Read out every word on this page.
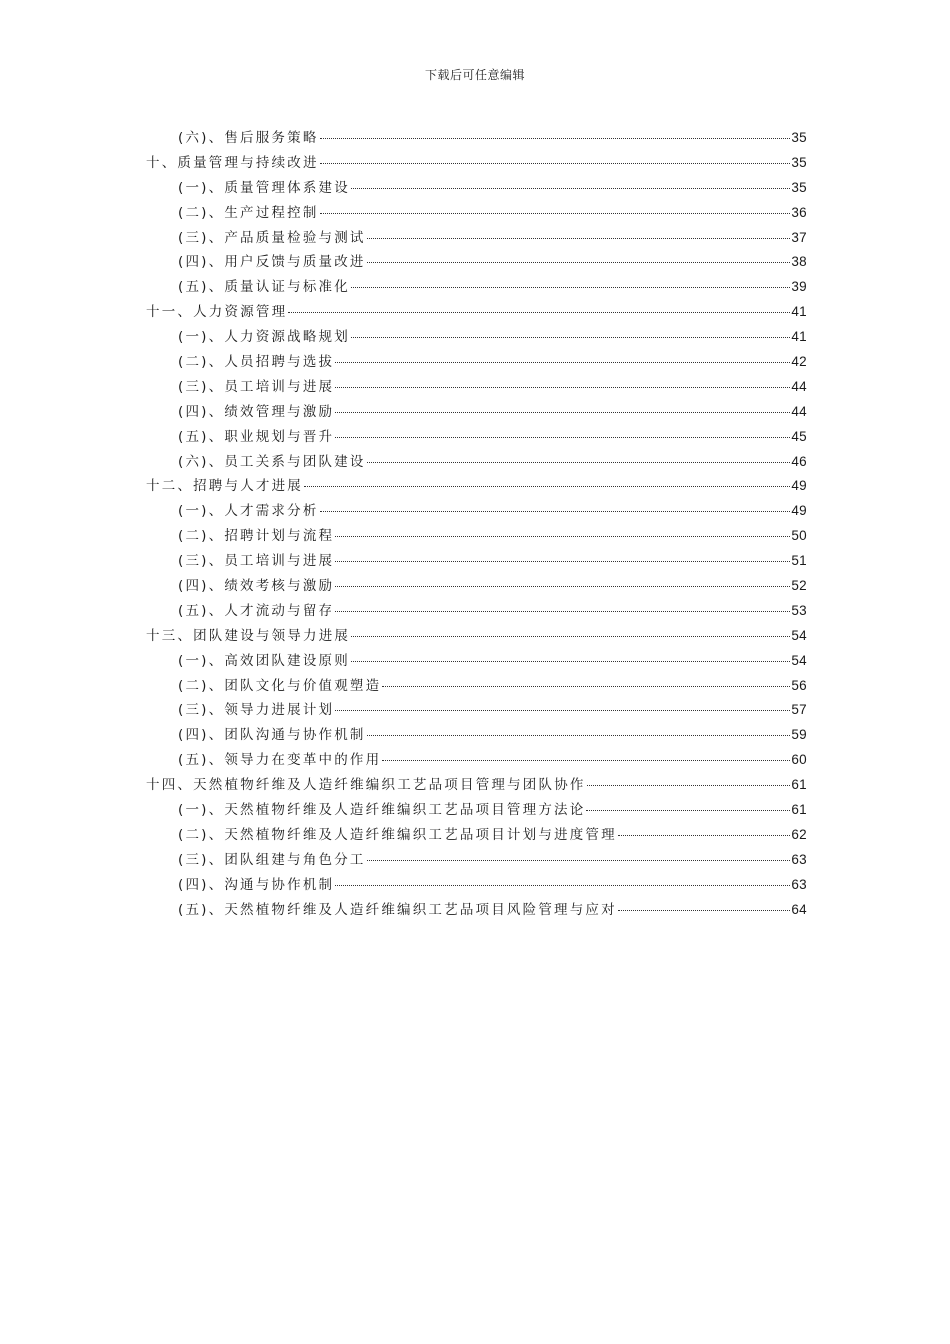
下载后可任意编辑
(六)、售后服务策略	35
十、质量管理与持续改进	35
(一)、质量管理体系建设	35
(二)、生产过程控制	36
(三)、产品质量检验与测试	37
(四)、用户反馈与质量改进	38
(五)、质量认证与标准化	39
十一、人力资源管理	41
(一)、人力资源战略规划	41
(二)、人员招聘与选拔	42
(三)、员工培训与进展	44
(四)、绩效管理与激励	44
(五)、职业规划与晋升	45
(六)、员工关系与团队建设	46
十二、招聘与人才进展	49
(一)、人才需求分析	49
(二)、招聘计划与流程	50
(三)、员工培训与进展	51
(四)、绩效考核与激励	52
(五)、人才流动与留存	53
十三、团队建设与领导力进展	54
(一)、高效团队建设原则	54
(二)、团队文化与价值观塑造	56
(三)、领导力进展计划	57
(四)、团队沟通与协作机制	59
(五)、领导力在变革中的作用	60
十四、天然植物纤维及人造纤维编织工艺品项目管理与团队协作	61
(一)、天然植物纤维及人造纤维编织工艺品项目管理方法论	61
(二)、天然植物纤维及人造纤维编织工艺品项目计划与进度管理	62
(三)、团队组建与角色分工	63
(四)、沟通与协作机制	63
(五)、天然植物纤维及人造纤维编织工艺品项目风险管理与应对	64
